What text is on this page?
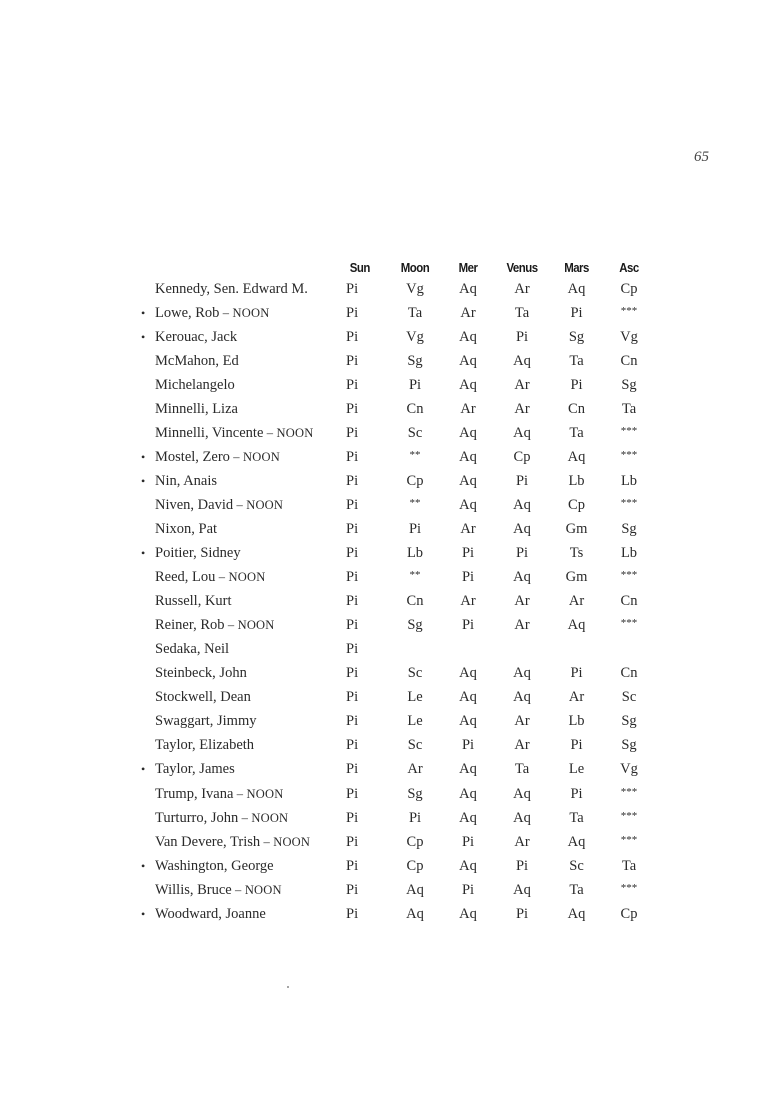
65
	Sun	Moon	Mer	Venus	Mars	Asc
Kennedy, Sen. Edward M.	Pi	Vg	Aq	Ar	Aq	Cp
• Lowe, Rob – NOON	Pi	Ta	Ar	Ta	Pi	***
• Kerouac, Jack	Pi	Vg	Aq	Pi	Sg	Vg
McMahon, Ed	Pi	Sg	Aq	Aq	Ta	Cn
Michelangelo	Pi	Pi	Aq	Ar	Pi	Sg
Minnelli, Liza	Pi	Cn	Ar	Ar	Cn	Ta
Minnelli, Vincente – NOON	Pi	Sc	Aq	Aq	Ta	***
• Mostel, Zero – NOON	Pi	**	Aq	Cp	Aq	***
• Nin, Anais	Pi	Cp	Aq	Pi	Lb	Lb
Niven, David – NOON	Pi	**	Aq	Aq	Cp	***
Nixon, Pat	Pi	Pi	Ar	Aq	Gm	Sg
• Poitier, Sidney	Pi	Lb	Pi	Pi	Ts	Lb
Reed, Lou – NOON	Pi	**	Pi	Aq	Gm	***
Russell, Kurt	Pi	Cn	Ar	Ar	Ar	Cn
Reiner, Rob – NOON	Pi	Sg	Pi	Ar	Aq	***
Sedaka, Neil	Pi					
Steinbeck, John	Pi	Sc	Aq	Aq	Pi	Cn
Stockwell, Dean	Pi	Le	Aq	Aq	Ar	Sc
Swaggart, Jimmy	Pi	Le	Aq	Ar	Lb	Sg
Taylor, Elizabeth	Pi	Sc	Pi	Ar	Pi	Sg
• Taylor, James	Pi	Ar	Aq	Ta	Le	Vg
Trump, Ivana – NOON	Pi	Sg	Aq	Aq	Pi	***
Turturro, John – NOON	Pi	Pi	Aq	Aq	Ta	***
Van Devere, Trish – NOON	Pi	Cp	Pi	Ar	Aq	***
• Washington, George	Pi	Cp	Aq	Pi	Sc	Ta
Willis, Bruce – NOON	Pi	Aq	Pi	Aq	Ta	***
• Woodward, Joanne	Pi	Aq	Aq	Pi	Aq	Cp
